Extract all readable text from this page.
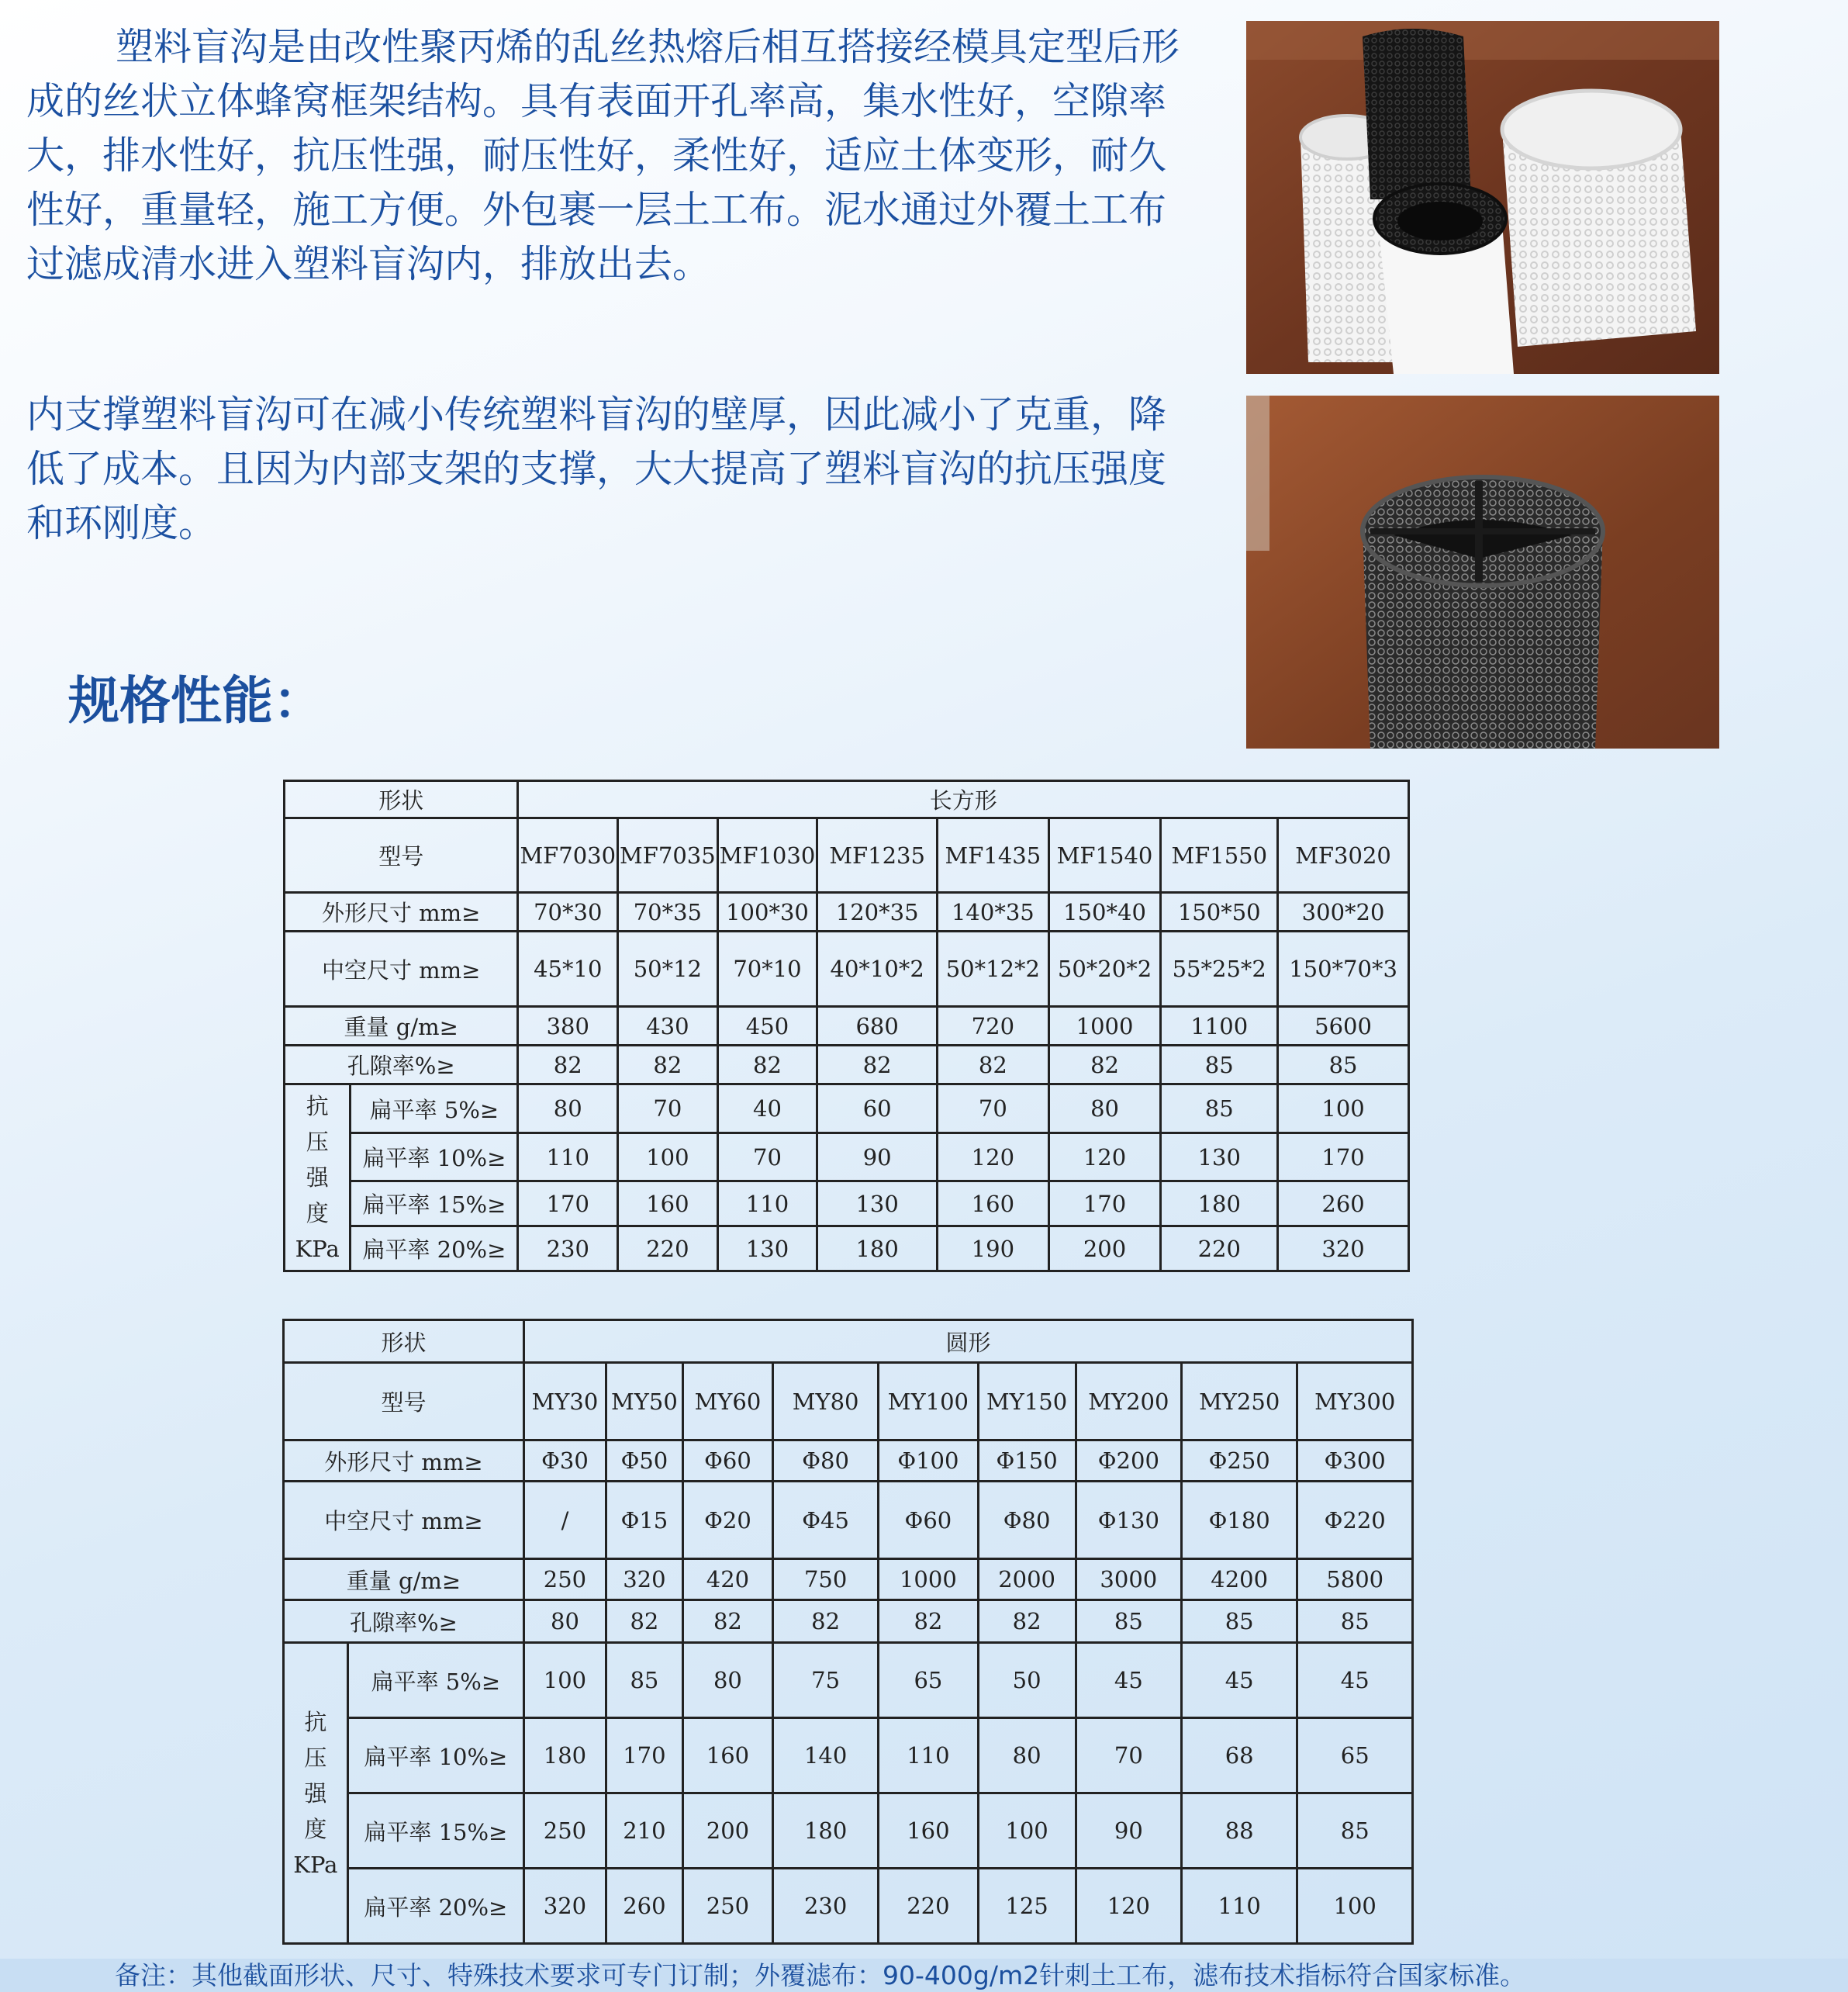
塑料盲沟是由改性聚丙烯的乱丝热熔后相互搭接经模具定型后形成的丝状立体蜂窝框架结构。具有表面开孔率高，集水性好，空隙率大，排水性好，抗压性强，耐压性好，柔性好，适应土体变形，耐久性好，重量轻，施工方便。外包裹一层土工布。泥水通过外覆土工布过滤成清水进入塑料盲沟内，排放出去。

内支撑塑料盲沟可在减小传统塑料盲沟的壁厚，因此减小了克重，降低了成本。且因为内部支架的支撑，大大提高了塑料盲沟的抗压强度和环刚度。

规格性能：
形状		长方形							
型号		MF7030	MF7035	MF1030	MF1235	MF1435	MF1540	MF1550	MF3020
外形尺寸 mm≥		70*30	70*35	100*30	120*35	140*35	150*40	150*50	300*20
中空尺寸 mm≥		45*10	50*12	70*10	40*10*2	50*12*2	50*20*2	55*25*2	150*70*3
重量 g/m≥		380	430	450	680	720	1000	1100	5600
孔隙率%≥		82	82	82	82	82	82	85	85

抗
压
强
度
KPa	扁平率 5%≥	80	70	40	60	70	80	85	100
	扁平率 10%≥	110	100	70	90	120	120	130	170
	扁平率 15%≥	170	160	110	130	160	170	180	260
	扁平率 20%≥	230	220	130	180	190	200	220	320
形状		圆形								
型号		MY30	MY50	MY60	MY80	MY100	MY150	MY200	MY250	MY300
外形尺寸 mm≥		Φ30	Φ50	Φ60	Φ80	Φ100	Φ150	Φ200	Φ250	Φ300
中空尺寸 mm≥		/	Φ15	Φ20	Φ45	Φ60	Φ80	Φ130	Φ180	Φ220
重量 g/m≥		250	320	420	750	1000	2000	3000	4200	5800
孔隙率%≥		80	82	82	82	82	82	85	85	85

抗
压
强
度
KPa	扁平率 5%≥	100	85	80	75	65	50	45	45	45
	扁平率 10%≥	180	170	160	140	110	80	70	68	65
	扁平率 15%≥	250	210	200	180	160	100	90	88	85
	扁平率 20%≥	320	260	250	230	220	125	120	110	100

备注：其他截面形状、尺寸、特殊技术要求可专门订制；外覆滤布：90-400g/m2针刺土工布，滤布技术指标符合国家标准。
